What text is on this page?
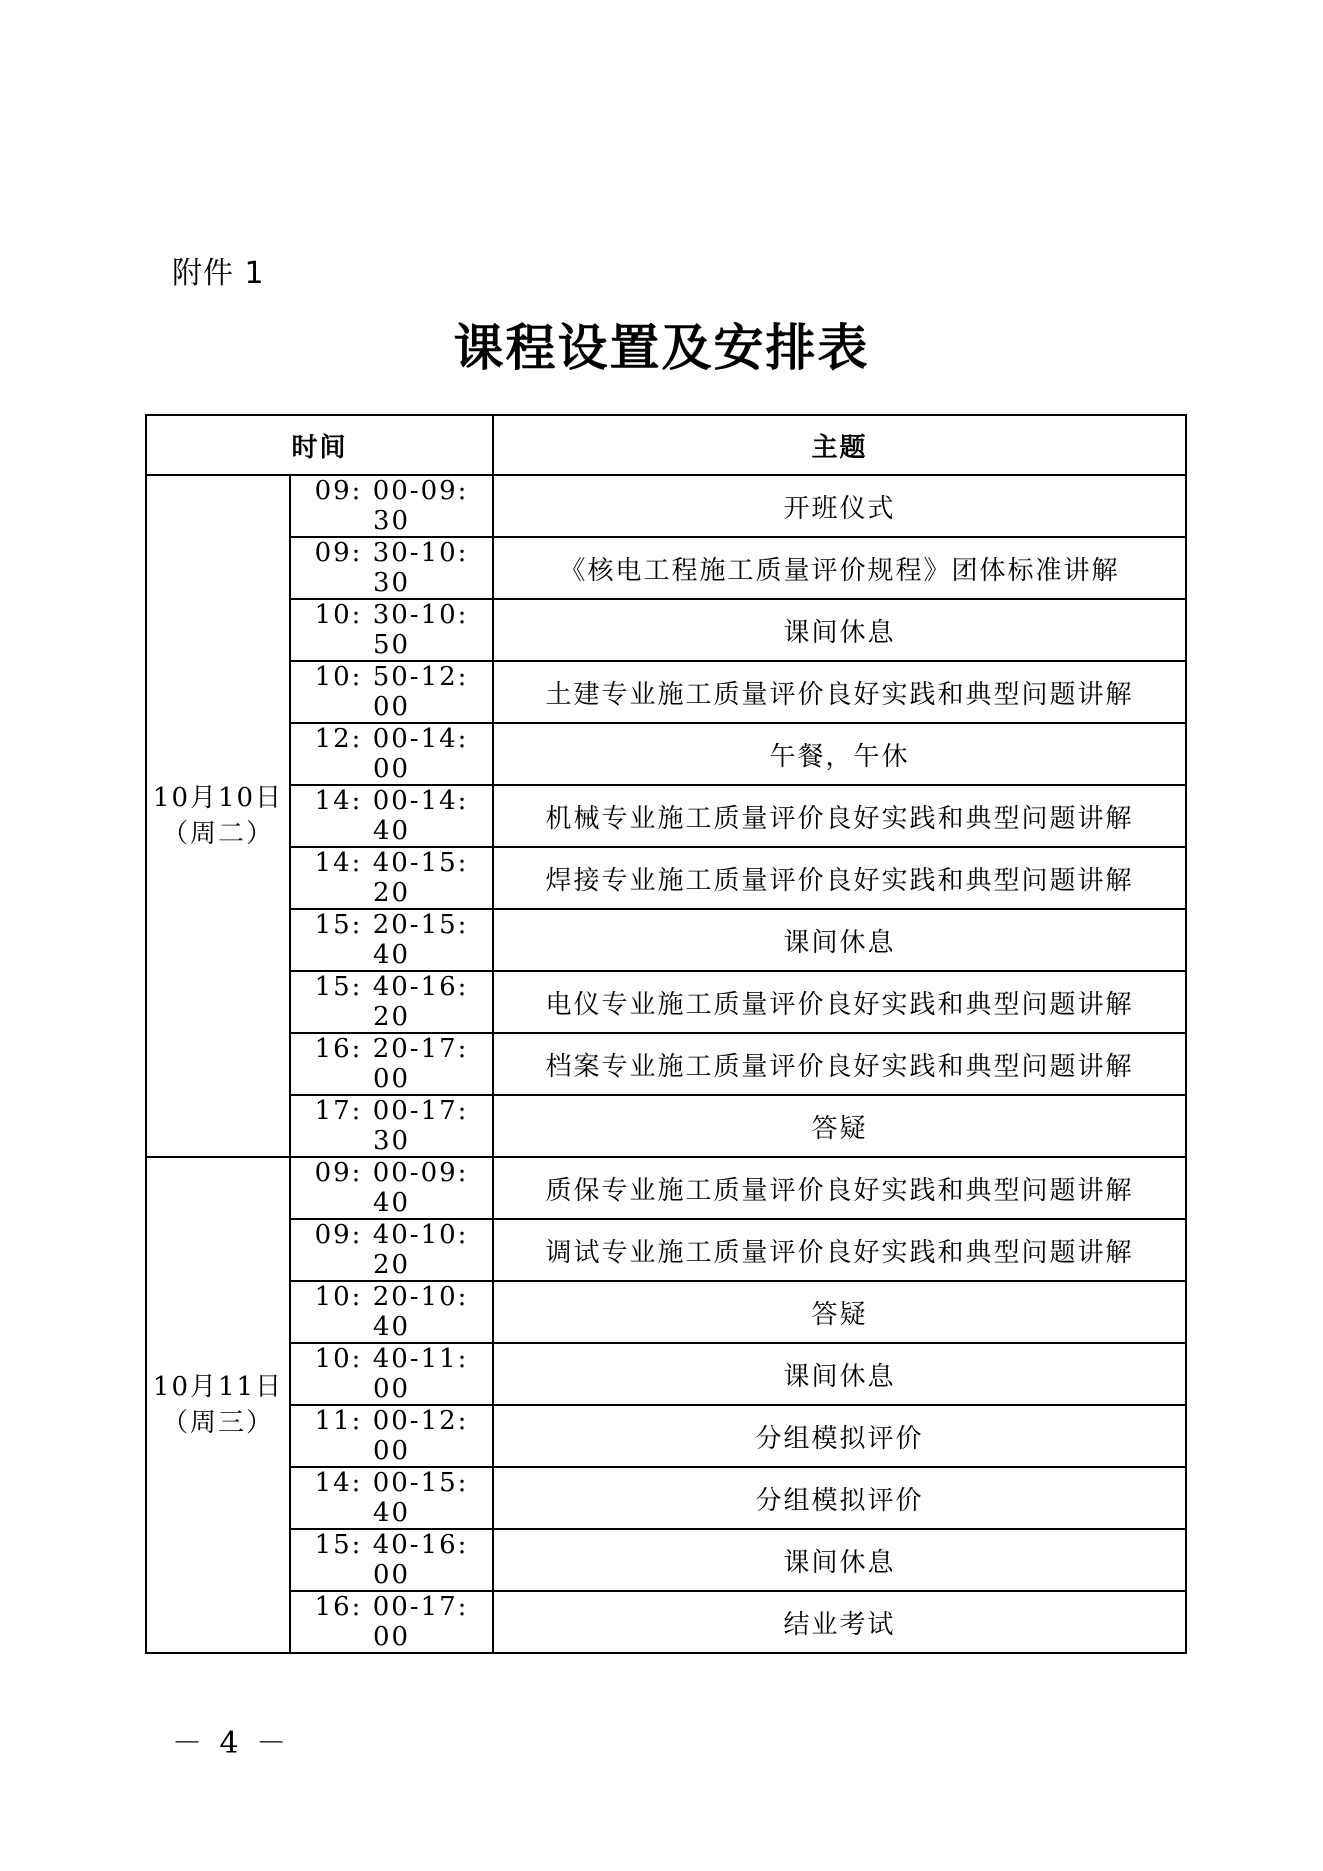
附件 1
课程设置及安排表
时间		主题

10月10日
（周二）	09: 00-09: 30	开班仪式
	09: 30-10: 30	《核电工程施工质量评价规程》团体标准讲解
	10: 30-10: 50	课间休息
	10: 50-12: 00	土建专业施工质量评价良好实践和典型问题讲解
	12: 00-14: 00	午餐，午休
	14: 00-14: 40	机械专业施工质量评价良好实践和典型问题讲解
	14: 40-15: 20	焊接专业施工质量评价良好实践和典型问题讲解
	15: 20-15: 40	课间休息
	15: 40-16: 20	电仪专业施工质量评价良好实践和典型问题讲解
	16: 20-17: 00	档案专业施工质量评价良好实践和典型问题讲解
	17: 00-17: 30	答疑

10月11日
（周三）	09: 00-09: 40	质保专业施工质量评价良好实践和典型问题讲解
	09: 40-10: 20	调试专业施工质量评价良好实践和典型问题讲解
	10: 20-10: 40	答疑
	10: 40-11: 00	课间休息
	11: 00-12: 00	分组模拟评价
	14: 00-15: 40	分组模拟评价
	15: 40-16: 00	课间休息
	16: 00-17: 00	结业考试
－ 4 －
